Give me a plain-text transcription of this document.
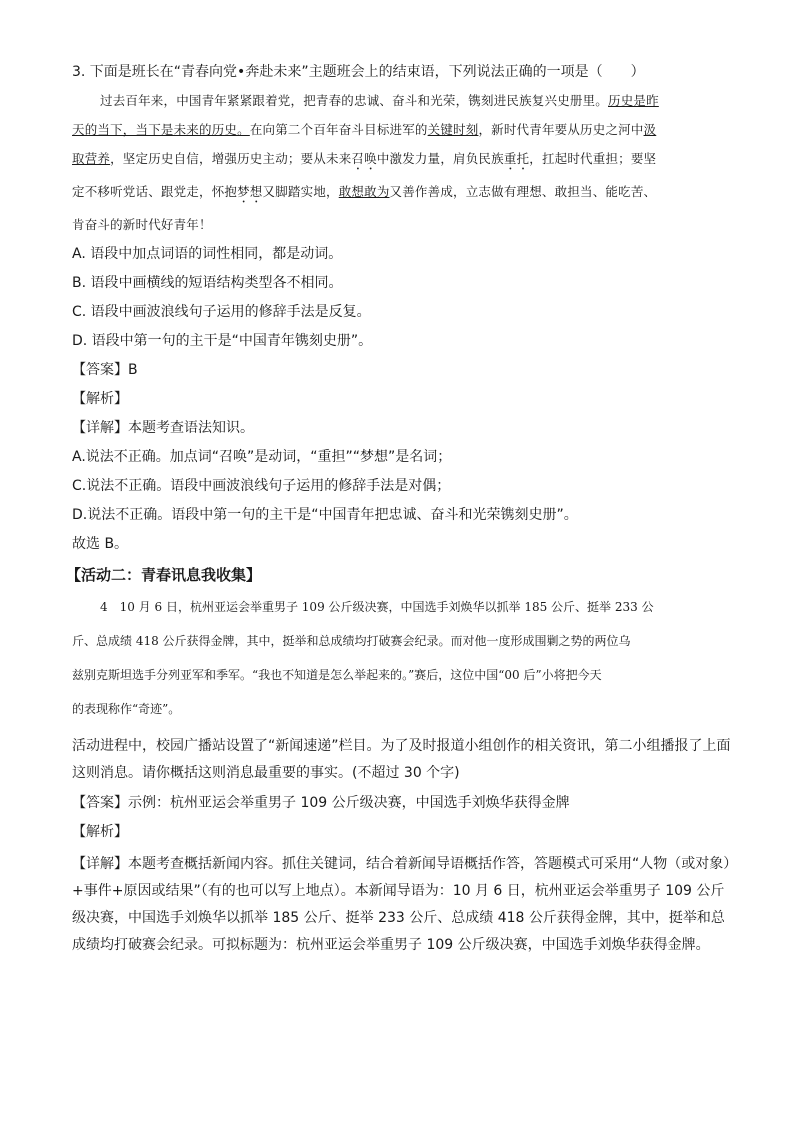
3. 下面是班长在“青春向党•奔赴未来”主题班会上的结束语，下列说法正确的一项是（　　）
过去百年来，中国青年紧紧跟着党，把青春的忠诚、奋斗和光荣，镌刻进民族复兴史册里。历史是昨
天的当下，当下是未来的历史。在向第二个百年奋斗目标进军的关键时刻，新时代青年要从历史之河中汲
取营养，坚定历史自信，增强历史主动；要从未来召唤中激发力量，肩负民族重托，扛起时代重担；要坚
定不移听党话、跟党走，怀抱梦想又脚踏实地，敢想敢为又善作善成，立志做有理想、敢担当、能吃苦、
肯奋斗的新时代好青年！
A. 语段中加点词语的词性相同，都是动词。
B. 语段中画横线的短语结构类型各不相同。
C. 语段中画波浪线句子运用的修辞手法是反复。
D. 语段中第一句的主干是“中国青年镌刻史册”。
【答案】B
【解析】
【详解】本题考查语法知识。
A.说法不正确。加点词“召唤”是动词，“重担”“梦想”是名词；
C.说法不正确。语段中画波浪线句子运用的修辞手法是对偶；
D.说法不正确。语段中第一句的主干是“中国青年把忠诚、奋斗和光荣镌刻史册”。
故选 B。
【活动二：青春讯息我收集】
4　10 月 6 日，杭州亚运会举重男子 109 公斤级决赛，中国选手刘焕华以抓举 185 公斤、挺举 233 公
斤、总成绩 418 公斤获得金牌，其中，挺举和总成绩均打破赛会纪录。而对他一度形成围剿之势的两位乌
兹别克斯坦选手分列亚军和季军。“我也不知道是怎么举起来的。”赛后，这位中国“00 后”小将把今天
的表现称作“奇迹”。
活动进程中，校园广播站设置了“新闻速递”栏目。为了及时报道小组创作的相关资讯，第二小组播报了上面这则消息。请你概括这则消息最重要的事实。(不超过 30 个字)
【答案】示例：杭州亚运会举重男子 109 公斤级决赛，中国选手刘焕华获得金牌
【解析】
【详解】本题考查概括新闻内容。抓住关键词，结合着新闻导语概括作答，答题模式可采用“人物（或对象）+事件+原因或结果”（有的也可以写上地点）。本新闻导语为：10 月 6 日，杭州亚运会举重男子 109 公斤级决赛，中国选手刘焕华以抓举 185 公斤、挺举 233 公斤、总成绩 418 公斤获得金牌，其中，挺举和总成绩均打破赛会纪录。可拟标题为：杭州亚运会举重男子 109 公斤级决赛，中国选手刘焕华获得金牌。
